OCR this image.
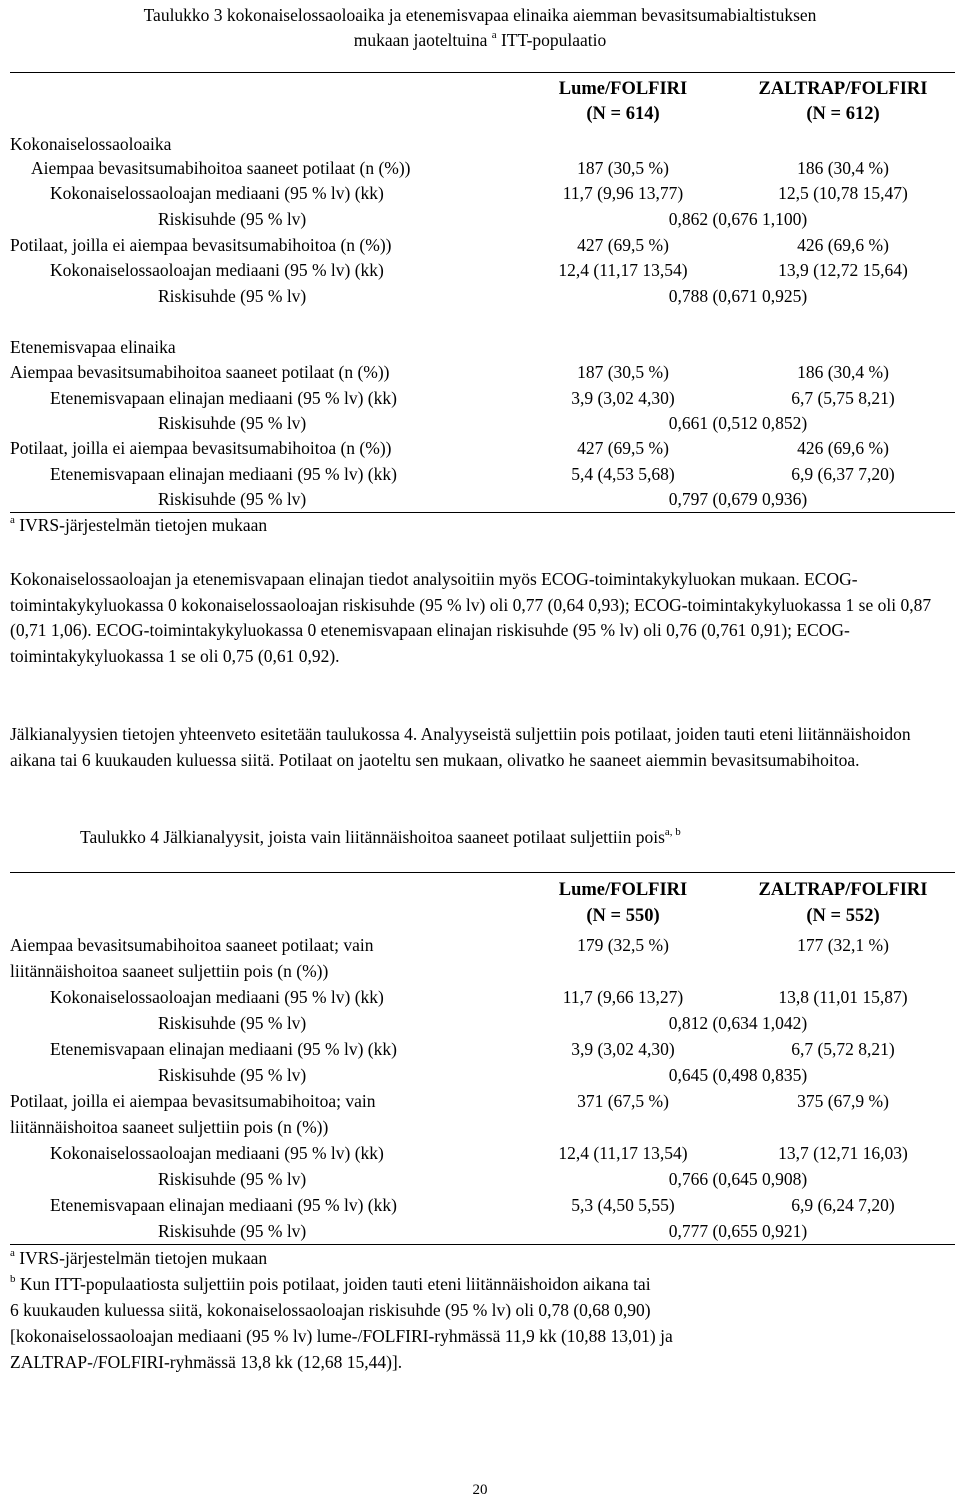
Taulukko 3 kokonaiselossaoloaika ja etenemisvapaa elinaika aiemman bevasitsumabialtistuksen
mukaan jaoteltuina $^a$ ITT-populaatio
Lume/FOLFIRI
(N = 614)
ZALTRAP/FOLFIRI
(N = 612)
Kokonaiselossaoloaika
Aiempaa bevasitsumabihoitoa saaneet potilaat (n (%))	187 (30,5 %)	186 (30,4 %)
Kokonaiselossaoloajan mediaani (95 % lv) (kk)	11,7 (9,96 13,77)	12,5 (10,78 15,47)
Riskisuhde (95 % lv)	0,862 (0,676 1,100)
Potilaat, joilla ei aiempaa bevasitsumabihoitoa (n (%))	427 (69,5 %)	426 (69,6 %)
Kokonaiselossaoloajan mediaani (95 % lv) (kk)	12,4 (11,17 13,54)	13,9 (12,72 15,64)
Riskisuhde (95 % lv)	0,788 (0,671 0,925)
Etenemisvapaa elinaika
Aiempaa bevasitsumabihoitoa saaneet potilaat (n (%))	187 (30,5 %)	186 (30,4 %)
Etenemisvapaan elinajan mediaani (95 % lv) (kk)	3,9 (3,02 4,30)	6,7 (5,75 8,21)
Riskisuhde (95 % lv)	0,661 (0,512 0,852)
Potilaat, joilla ei aiempaa bevasitsumabihoitoa (n (%))	427 (69,5 %)	426 (69,6 %)
Etenemisvapaan elinajan mediaani (95 % lv) (kk)	5,4 (4,53 5,68)	6,9 (6,37 7,20)
Riskisuhde (95 % lv)	0,797 (0,679 0,936)
$^a$ IVRS-järjestelmän tietojen mukaan
Kokonaiselossaoloajan ja etenemisvapaan elinajan tiedot analysoitiin myös ECOG-toimintakykyluokan mukaan. ECOG-toimintakykyluokassa 0 kokonaiselossaoloajan riskisuhde (95 % lv) oli 0,77 (0,64 0,93); ECOG-toimintakykyluokassa 1 se oli 0,87 (0,71 1,06). ECOG-toimintakykyluokassa 0 etenemisvapaan elinajan riskisuhde (95 % lv) oli 0,76 (0,761 0,91); ECOG-toimintakykyluokassa 1 se oli 0,75 (0,61 0,92).
Jälkianalyysien tietojen yhteenveto esitetään taulukossa 4. Analyyseistä suljettiin pois potilaat, joiden tauti eteni liitännäishoidon aikana tai 6 kuukauden kuluessa siitä. Potilaat on jaoteltu sen mukaan, olivatko he saaneet aiemmin bevasitsumabihoitoa.
Taulukko 4 Jälkianalyysit, joista vain liitännäishoitoa saaneet potilaat suljettiin pois$^{a, b}$
Lume/FOLFIRI
(N = 550)
ZALTRAP/FOLFIRI
(N = 552)
Aiempaa bevasitsumabihoitoa saaneet potilaat; vain	179 (32,5 %)	177 (32,1 %)
liitännäishoitoa saaneet suljettiin pois (n (%))
Kokonaiselossaoloajan mediaani (95 % lv) (kk)	11,7 (9,66 13,27)	13,8 (11,01 15,87)
Riskisuhde (95 % lv)	0,812 (0,634 1,042)
Etenemisvapaan elinajan mediaani (95 % lv) (kk)	3,9 (3,02 4,30)	6,7 (5,72 8,21)
Riskisuhde (95 % lv)	0,645 (0,498 0,835)
Potilaat, joilla ei aiempaa bevasitsumabihoitoa; vain	371 (67,5 %)	375 (67,9 %)
liitännäishoitoa saaneet suljettiin pois (n (%))
Kokonaiselossaoloajan mediaani (95 % lv) (kk)	12,4 (11,17 13,54)	13,7 (12,71 16,03)
Riskisuhde (95 % lv)	0,766 (0,645 0,908)
Etenemisvapaan elinajan mediaani (95 % lv) (kk)	5,3 (4,50 5,55)	6,9 (6,24 7,20)
Riskisuhde (95 % lv)	0,777 (0,655 0,921)
$^a$ IVRS-järjestelmän tietojen mukaan
$^b$ Kun ITT-populaatiosta suljettiin pois potilaat, joiden tauti eteni liitännäishoidon aikana tai
6 kuukauden kuluessa siitä, kokonaiselossaoloajan riskisuhde (95 % lv) oli 0,78 (0,68 0,90)
[kokonaiselossaoloajan mediaani (95 % lv) lume-/FOLFIRI-ryhmässä 11,9 kk (10,88 13,01) ja
ZALTRAP-/FOLFIRI-ryhmässä 13,8 kk (12,68 15,44)].
20
